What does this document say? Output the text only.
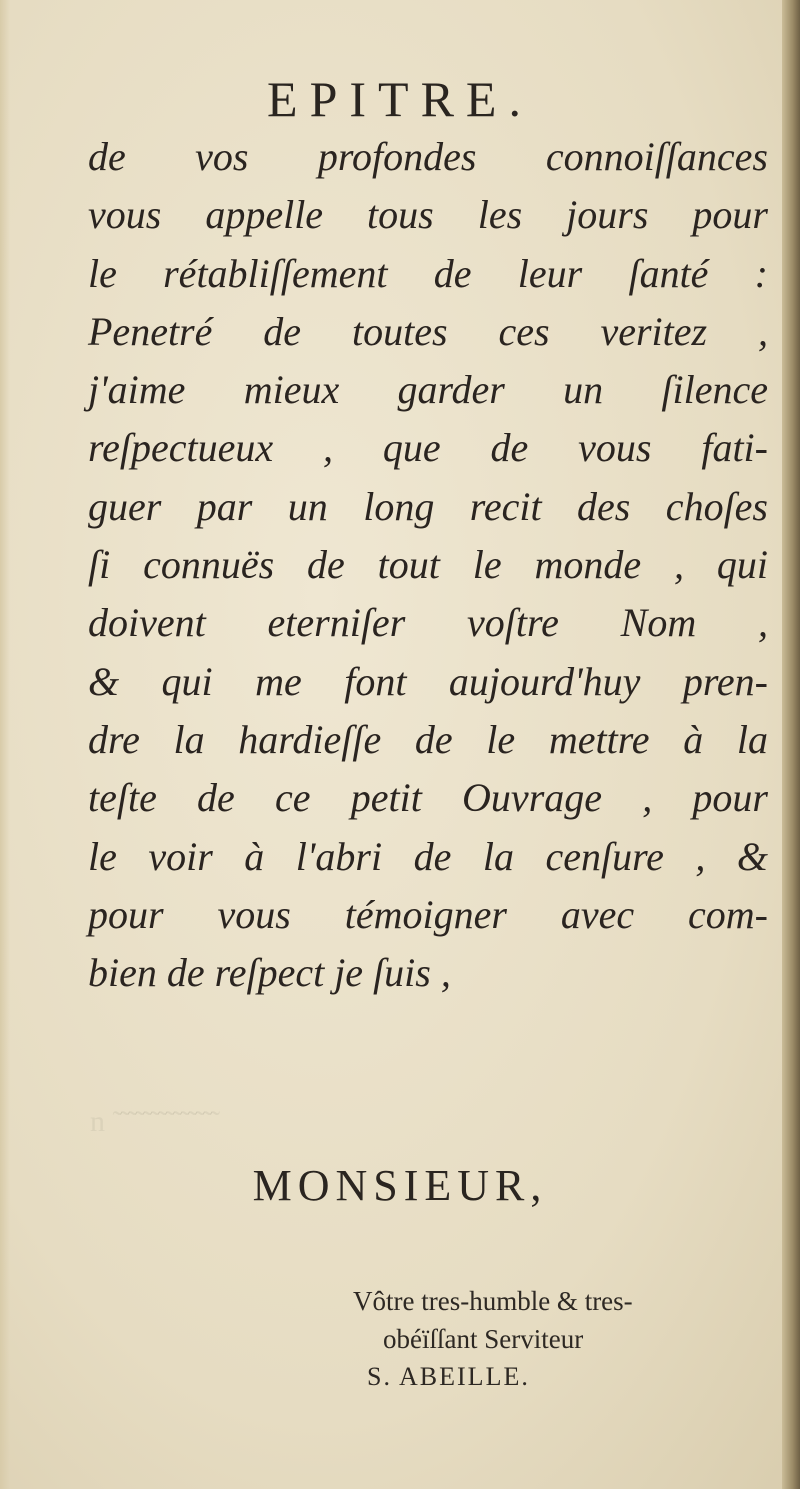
n ̃ ̃ ̃ ̃ ̃ ̃ ̃ ̃ ̃ ̃ ̃ ̃ ̃ ̃
EPITRE.
de vos profondes connoiſſances
vous appelle tous les jours pour
le rétabliſſement de leur ſanté :
Penetré de toutes ces veritez ,
j'aime mieux garder un ſilence
reſpectueux , que de vous fati-
guer par un long recit des choſes
ſi connuës de tout le monde , qui
doivent eterniſer voſtre Nom ,
& qui me font aujourd'huy pren-
dre la hardieſſe de le mettre à la
teſte de ce petit Ouvrage , pour
le voir à l'abri de la cenſure , &
pour vous témoigner avec com-
bien de reſpect je ſuis ,
MONSIEUR,
Vôtre tres-humble & tres-
obéïſſant Serviteur
S. ABEILLE.
